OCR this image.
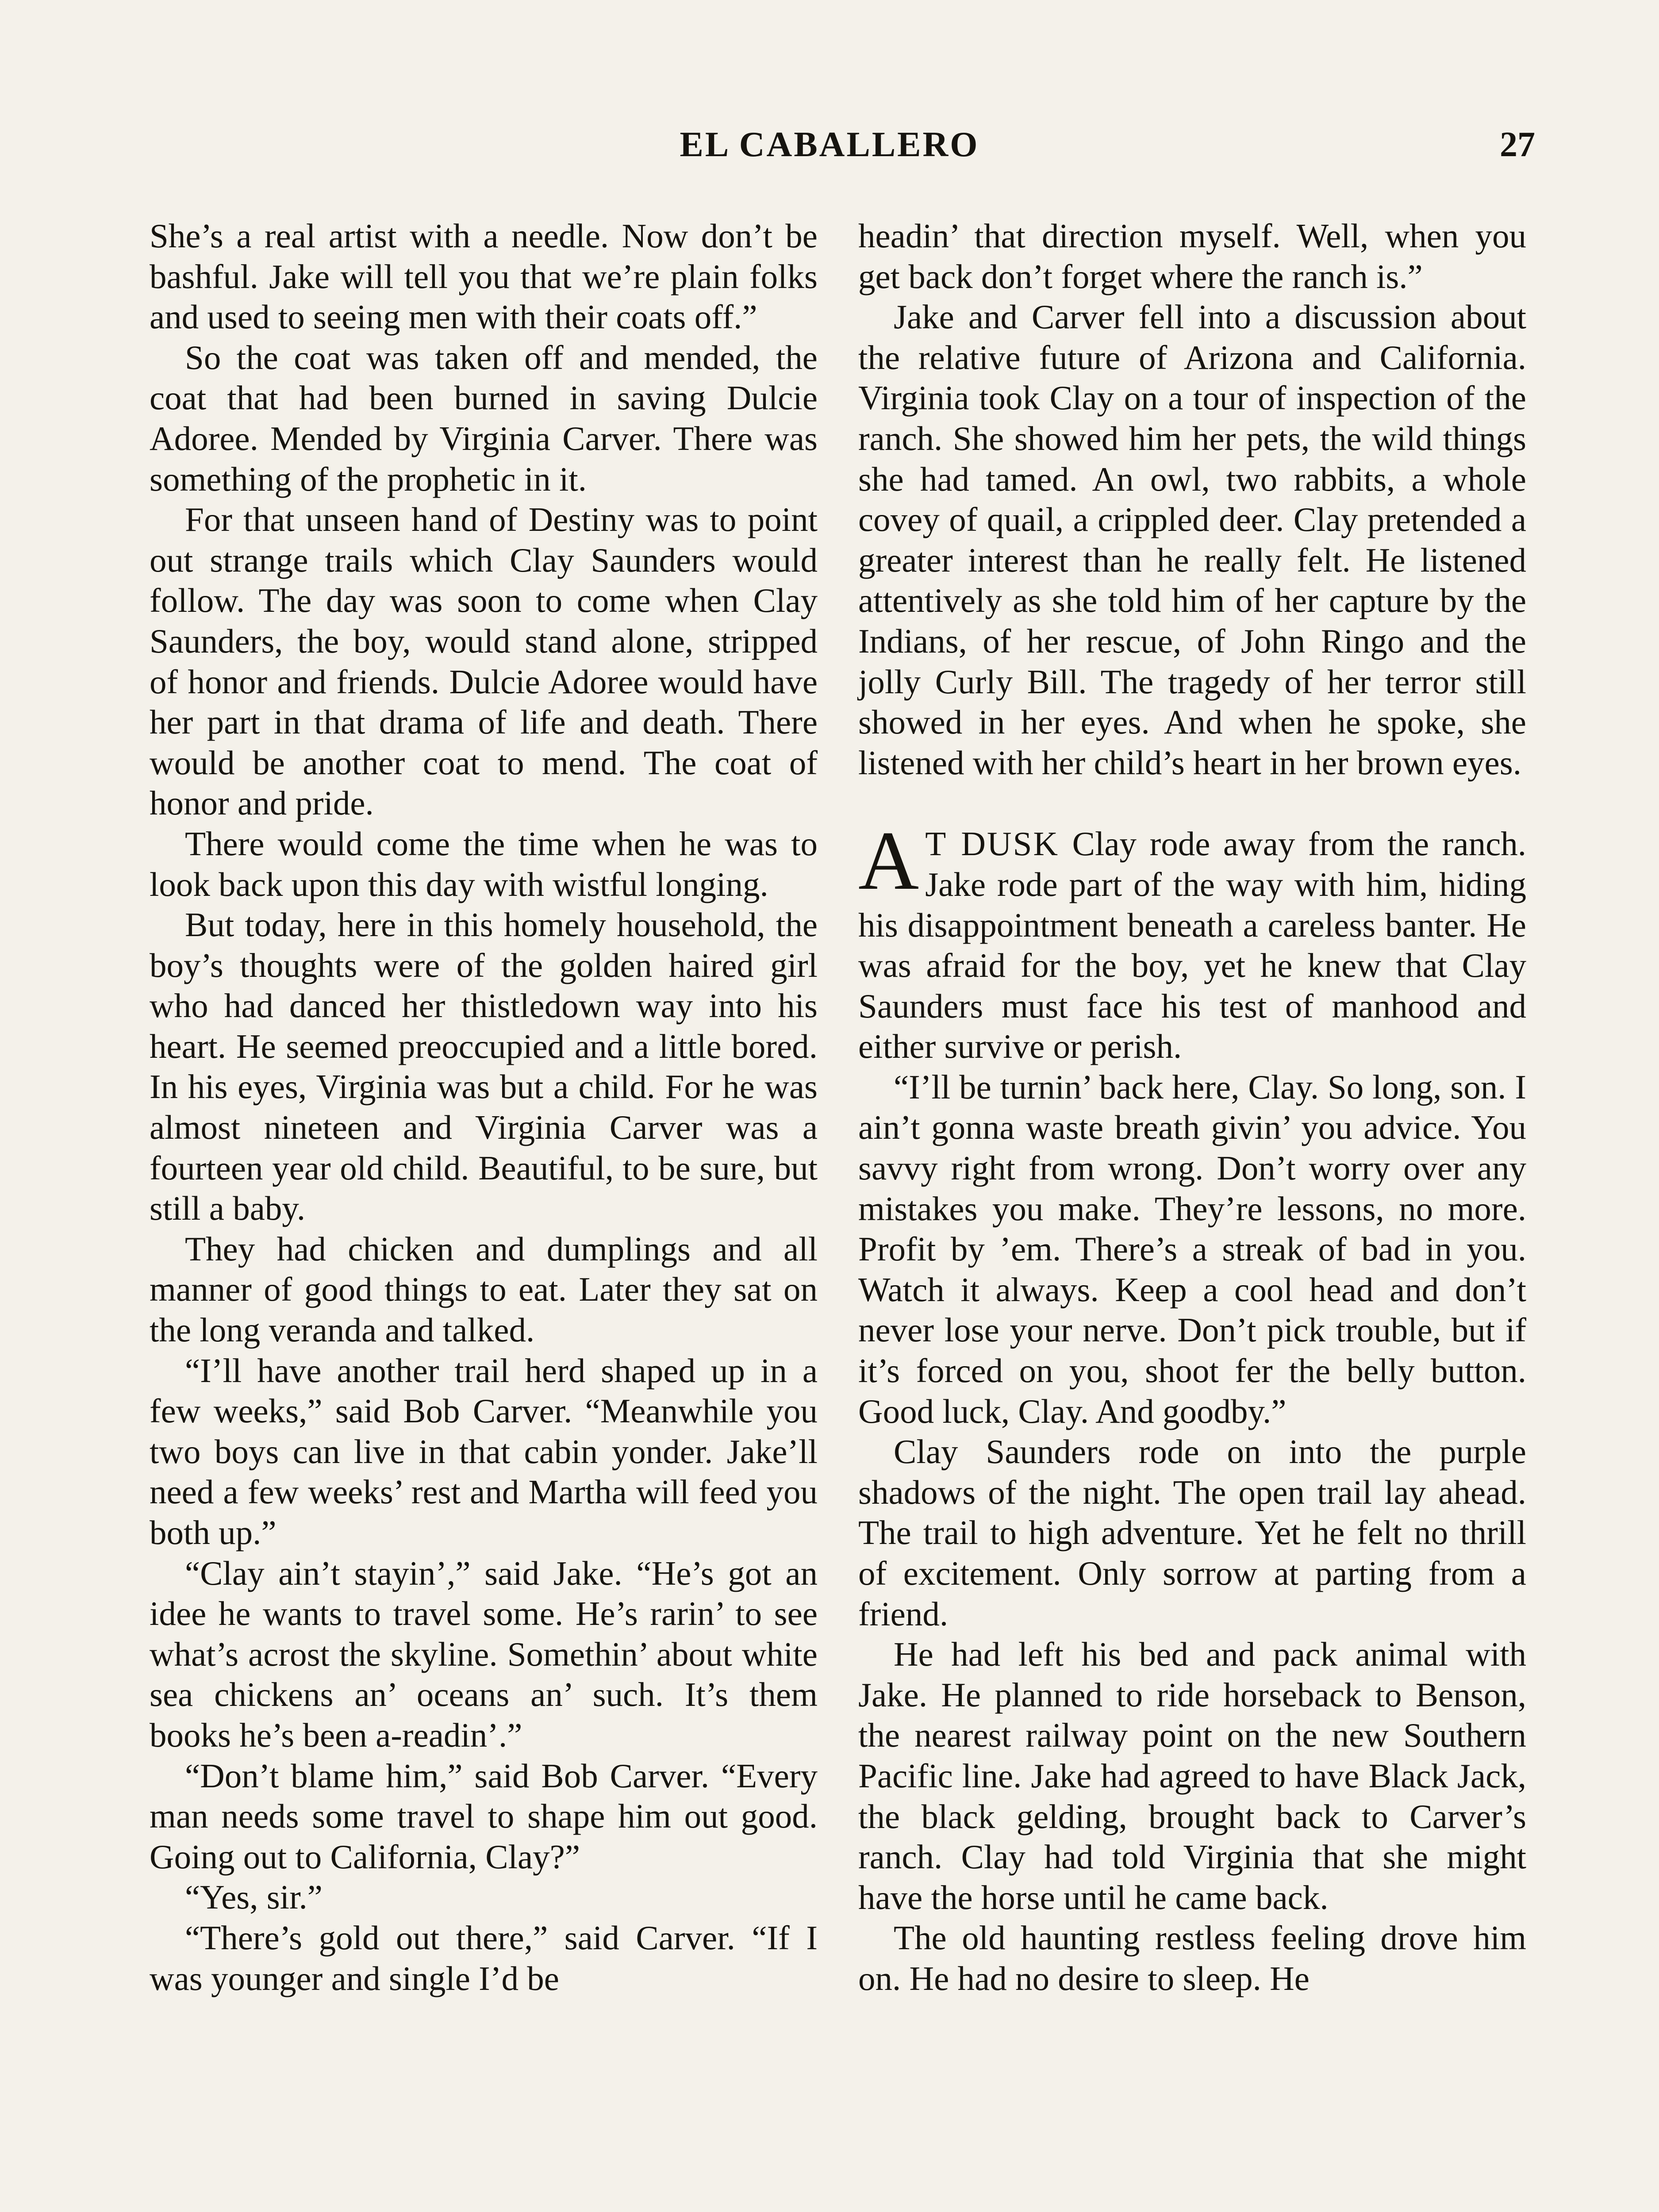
EL CABALLERO	27

She’s a real artist with a needle. Now don’t be bashful. Jake will tell you that we’re plain folks and used to seeing men with their coats off.”

So the coat was taken off and mended, the coat that had been burned in saving Dulcie Adoree. Mended by Virginia Carver. There was something of the prophetic in it.

For that unseen hand of Destiny was to point out strange trails which Clay Saunders would follow. The day was soon to come when Clay Saunders, the boy, would stand alone, stripped of honor and friends. Dulcie Adoree would have her part in that drama of life and death. There would be another coat to mend. The coat of honor and pride.

There would come the time when he was to look back upon this day with wistful longing.

But today, here in this homely household, the boy’s thoughts were of the golden haired girl who had danced her thistledown way into his heart. He seemed preoccupied and a little bored. In his eyes, Virginia was but a child. For he was almost nineteen and Virginia Carver was a fourteen year old child. Beautiful, to be sure, but still a baby.

They had chicken and dumplings and all manner of good things to eat. Later they sat on the long veranda and talked.

“I’ll have another trail herd shaped up in a few weeks,” said Bob Carver. “Meanwhile you two boys can live in that cabin yonder. Jake’ll need a few weeks’ rest and Martha will feed you both up.”

“Clay ain’t stayin’,” said Jake. “He’s got an idee he wants to travel some. He’s rarin’ to see what’s acrost the skyline. Somethin’ about white sea chickens an’ oceans an’ such. It’s them books he’s been a-readin’.”

“Don’t blame him,” said Bob Carver. “Every man needs some travel to shape him out good. Going out to California, Clay?”

“Yes, sir.”

“There’s gold out there,” said Carver. “If I was younger and single I’d be

headin’ that direction myself. Well, when you get back don’t forget where the ranch is.”

Jake and Carver fell into a discussion about the relative future of Arizona and California. Virginia took Clay on a tour of inspection of the ranch. She showed him her pets, the wild things she had tamed. An owl, two rabbits, a whole covey of quail, a crippled deer. Clay pretended a greater interest than he really felt. He listened attentively as she told him of her capture by the Indians, of her rescue, of John Ringo and the jolly Curly Bill. The tragedy of her terror still showed in her eyes. And when he spoke, she listened with her child’s heart in her brown eyes.

A T DUSK Clay rode away from the ranch. Jake rode part of the way with him, hiding his disappointment beneath a careless banter. He was afraid for the boy, yet he knew that Clay Saunders must face his test of manhood and either survive or perish.

“I’ll be turnin’ back here, Clay. So long, son. I ain’t gonna waste breath givin’ you advice. You savvy right from wrong. Don’t worry over any mistakes you make. They’re lessons, no more. Profit by ’em. There’s a streak of bad in you. Watch it always. Keep a cool head and don’t never lose your nerve. Don’t pick trouble, but if it’s forced on you, shoot fer the belly button. Good luck, Clay. And goodby.”

Clay Saunders rode on into the purple shadows of the night. The open trail lay ahead. The trail to high adventure. Yet he felt no thrill of excitement. Only sorrow at parting from a friend.

He had left his bed and pack animal with Jake. He planned to ride horseback to Benson, the nearest railway point on the new Southern Pacific line. Jake had agreed to have Black Jack, the black gelding, brought back to Carver’s ranch. Clay had told Virginia that she might have the horse until he came back.

The old haunting restless feeling drove him on. He had no desire to sleep. He
